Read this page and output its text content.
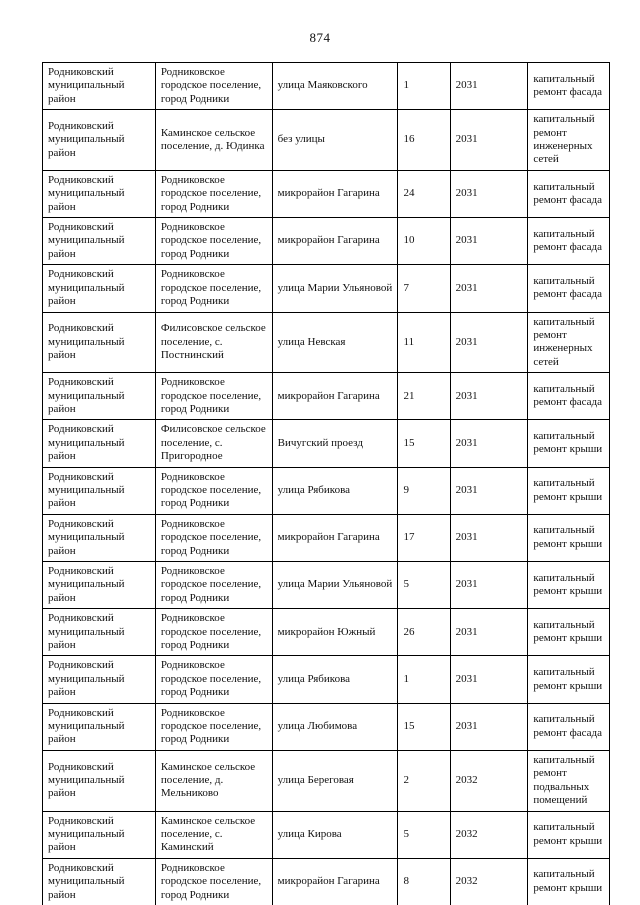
874
Родниковский муниципальный район	Родниковское городское поселение, город Родники	улица Маяковского	1	2031	капитальный ремонт фасада
Родниковский муниципальный район	Каминское сельское поселение, д. Юдинка	без улицы	16	2031	капитальный ремонт инженерных сетей
Родниковский муниципальный район	Родниковское городское поселение, город Родники	микрорайон Гагарина	24	2031	капитальный ремонт фасада
Родниковский муниципальный район	Родниковское городское поселение, город Родники	микрорайон Гагарина	10	2031	капитальный ремонт фасада
Родниковский муниципальный район	Родниковское городское поселение, город Родники	улица Марии Ульяновой	7	2031	капитальный ремонт фасада
Родниковский муниципальный район	Филисовское сельское поселение, с. Постнинский	улица Невская	11	2031	капитальный ремонт инженерных сетей
Родниковский муниципальный район	Родниковское городское поселение, город Родники	микрорайон Гагарина	21	2031	капитальный ремонт фасада
Родниковский муниципальный район	Филисовское сельское поселение, с. Пригородное	Вичугский проезд	15	2031	капитальный ремонт крыши
Родниковский муниципальный район	Родниковское городское поселение, город Родники	улица Рябикова	9	2031	капитальный ремонт крыши
Родниковский муниципальный район	Родниковское городское поселение, город Родники	микрорайон Гагарина	17	2031	капитальный ремонт крыши
Родниковский муниципальный район	Родниковское городское поселение, город Родники	улица Марии Ульяновой	5	2031	капитальный ремонт крыши
Родниковский муниципальный район	Родниковское городское поселение, город Родники	микрорайон Южный	26	2031	капитальный ремонт крыши
Родниковский муниципальный район	Родниковское городское поселение, город Родники	улица Рябикова	1	2031	капитальный ремонт крыши
Родниковский муниципальный район	Родниковское городское поселение, город Родники	улица Любимова	15	2031	капитальный ремонт фасада
Родниковский муниципальный район	Каминское сельское поселение, д. Мельниково	улица Береговая	2	2032	капитальный ремонт подвальных помещений
Родниковский муниципальный район	Каминское сельское поселение, с. Каминский	улица Кирова	5	2032	капитальный ремонт крыши
Родниковский муниципальный район	Родниковское городское поселение, город Родники	микрорайон Гагарина	8	2032	капитальный ремонт крыши
